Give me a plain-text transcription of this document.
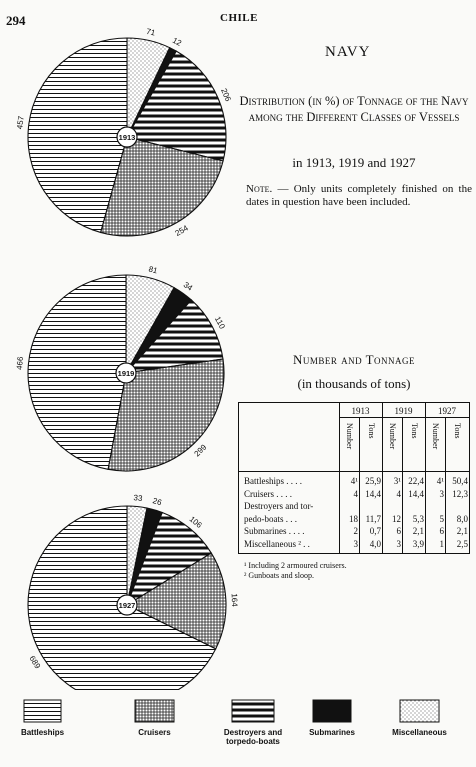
294	CHILE
NAVY
Distribution (in %) of Tonnage of the Navy among the Different Classes of Vessels
in 1913, 1919 and 1927
Note. — Only units completely finished on the dates in question have been included.
71
12
206
254
457
1913
81
34
110
299
466
1919
33 26
106
164
689
1927
Number and Tonnage
(in thousands of tons)
1913
Number Tons
1919
Number Tons
1927
Number Tons
Battleships . . . .	4¹ 25,9	3¹ 22,4	4¹ 50,4
Cruisers . . . .	4 14,4	4 14,4	3 12,3
Destroyers and tor-
pedo-boats . . .	18 11,7	12	5,3	5	8,0
Submarines . . . .	2	0,7	6	2,1	6	2,1
Miscellaneous ² . .	3	4,0	3	3,9	1	2,5
¹ Including 2 armoured cruisers.
² Gunboats and sloop.
Battleships	Cruisers	Destroyers and torpedo-boats
Submarines	Miscellaneous
